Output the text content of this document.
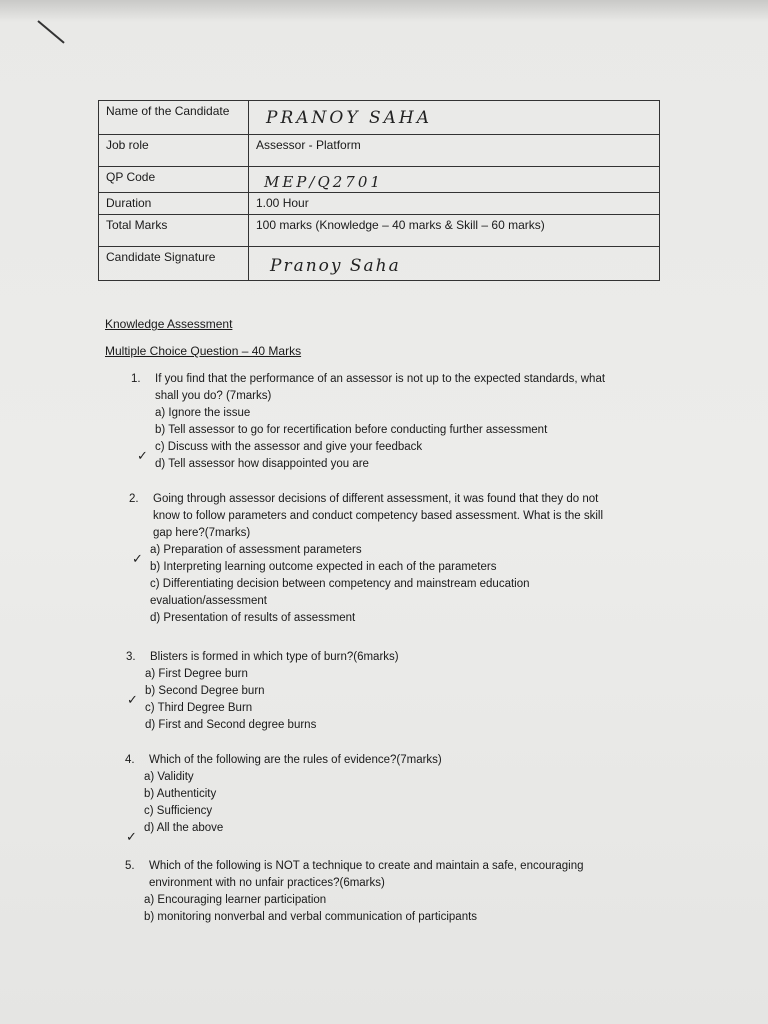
Name of the Candidate	PRANOY SAHA
Job role	Assessor - Platform
QP Code	MEP/Q2701
Duration	1.00 Hour
Total Marks	100 marks (Knowledge – 40 marks & Skill – 60 marks)
Candidate Signature	Pranoy Saha
Knowledge Assessment
Multiple Choice Question – 40 Marks
1. If you find that the performance of an assessor is not up to the expected standards, what
shall you do? (7marks)
a) Ignore the issue
b) Tell assessor to go for recertification before conducting further assessment
c) Discuss with the assessor and give your feedback
d) Tell assessor how disappointed you are
2. Going through assessor decisions of different assessment, it was found that they do not
know to follow parameters and conduct competency based assessment. What is the skill
gap here?(7marks)
a) Preparation of assessment parameters
b) Interpreting learning outcome expected in each of the parameters
c) Differentiating decision between competency and mainstream education
evaluation/assessment
d) Presentation of results of assessment
3. Blisters is formed in which type of burn?(6marks)
a) First Degree burn
b) Second Degree burn
c) Third Degree Burn
d) First and Second degree burns
4. Which of the following are the rules of evidence?(7marks)
a) Validity
b) Authenticity
c) Sufficiency
d) All the above
5. Which of the following is NOT a technique to create and maintain a safe, encouraging
environment with no unfair practices?(6marks)
a) Encouraging learner participation
b) monitoring nonverbal and verbal communication of participants
